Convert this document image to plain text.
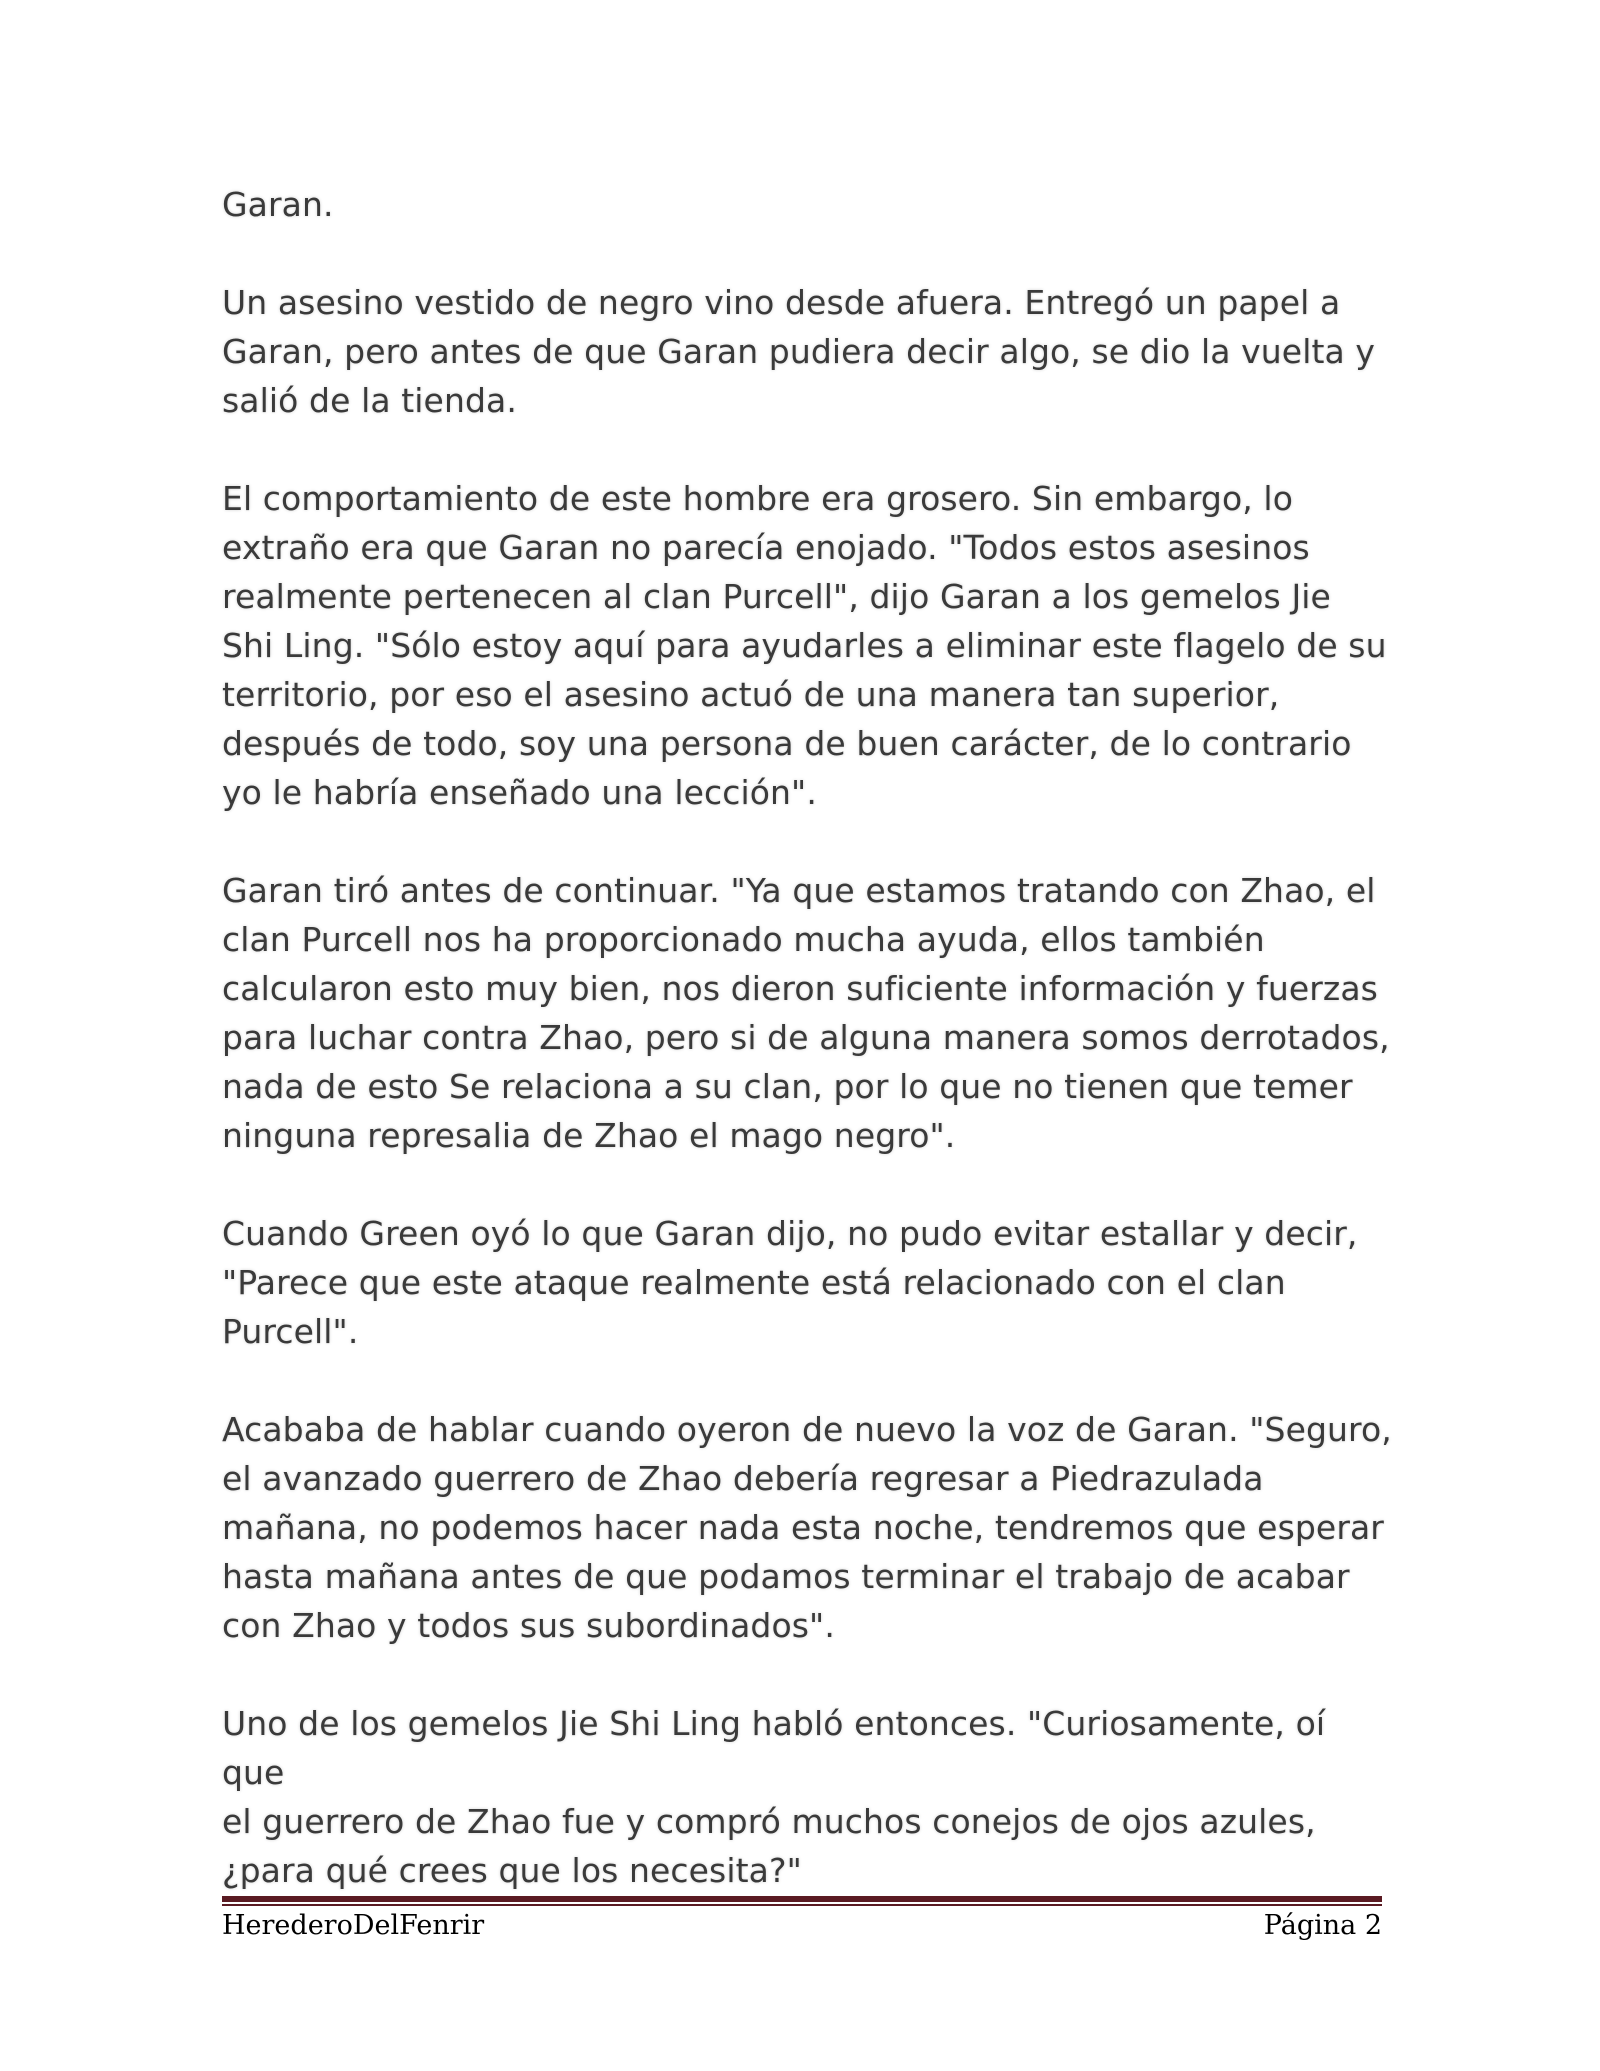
Garan.

Un asesino vestido de negro vino desde afuera. Entregó un papel a
Garan, pero antes de que Garan pudiera decir algo, se dio la vuelta y
salió de la tienda.

El comportamiento de este hombre era grosero. Sin embargo, lo
extraño era que Garan no parecía enojado. "Todos estos asesinos
realmente pertenecen al clan Purcell", dijo Garan a los gemelos Jie
Shi Ling. "Sólo estoy aquí para ayudarles a eliminar este flagelo de su
territorio, por eso el asesino actuó de una manera tan superior,
después de todo, soy una persona de buen carácter, de lo contrario
yo le habría enseñado una lección".

Garan tiró antes de continuar. "Ya que estamos tratando con Zhao, el
clan Purcell nos ha proporcionado mucha ayuda, ellos también
calcularon esto muy bien, nos dieron suficiente información y fuerzas
para luchar contra Zhao, pero si de alguna manera somos derrotados,
nada de esto Se relaciona a su clan, por lo que no tienen que temer
ninguna represalia de Zhao el mago negro".

Cuando Green oyó lo que Garan dijo, no pudo evitar estallar y decir,
"Parece que este ataque realmente está relacionado con el clan
Purcell".

Acababa de hablar cuando oyeron de nuevo la voz de Garan. "Seguro,
el avanzado guerrero de Zhao debería regresar a Piedrazulada
mañana, no podemos hacer nada esta noche, tendremos que esperar
hasta mañana antes de que podamos terminar el trabajo de acabar
con Zhao y todos sus subordinados".

Uno de los gemelos Jie Shi Ling habló entonces. "Curiosamente, oí que
el guerrero de Zhao fue y compró muchos conejos de ojos azules,
¿para qué crees que los necesita?"

HerederoDelFenrir	Página 2
